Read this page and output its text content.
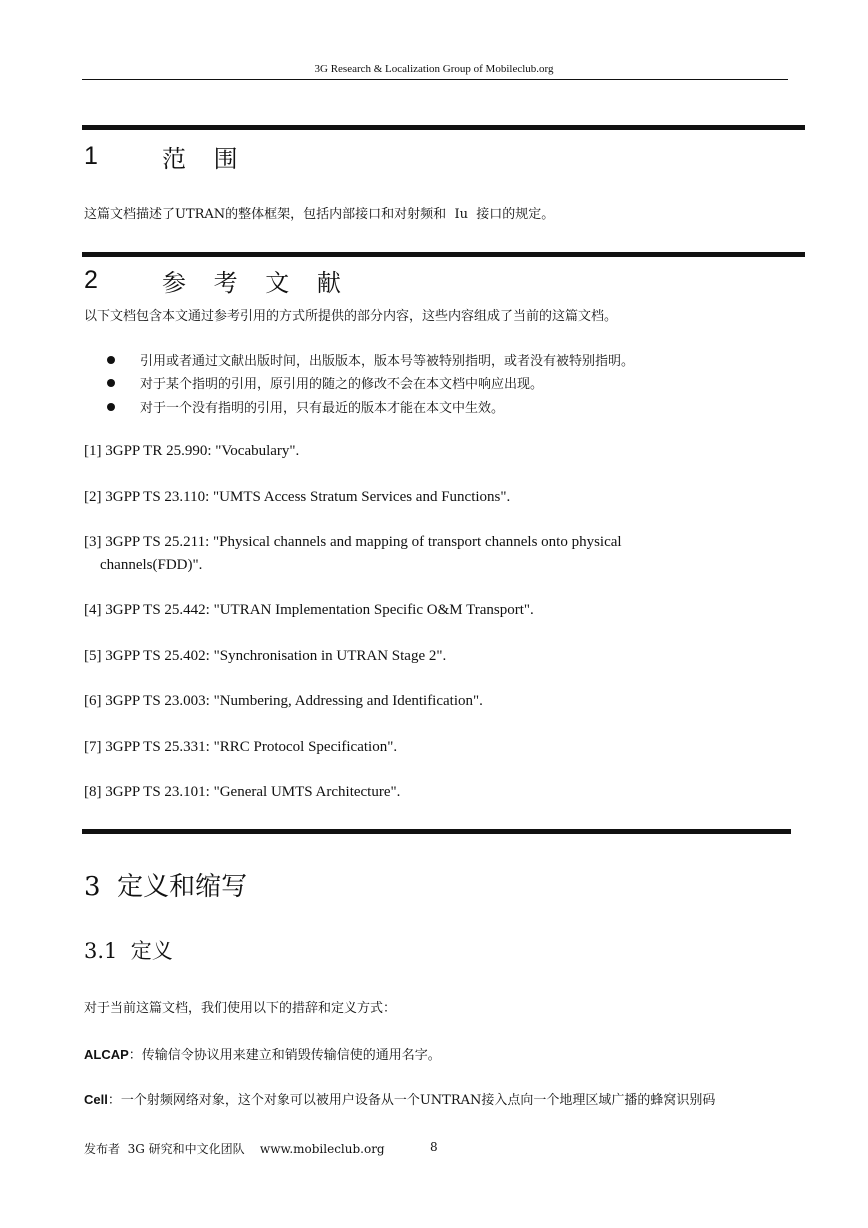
3G Research & Localization Group of Mobileclub.org
1	范 围
这篇文档描述了UTRAN的整体框架，包括内部接口和对射频和  Iu  接口的规定。
2	参 考 文 献
以下文档包含本文通过参考引用的方式所提供的部分内容，这些内容组成了当前的这篇文档。
引用或者通过文献出版时间，出版版本，版本号等被特别指明，或者没有被特别指明。
对于某个指明的引用，原引用的随之的修改不会在本文档中响应出现。
对于一个没有指明的引用，只有最近的版本才能在本文中生效。
[1] 3GPP TR 25.990: "Vocabulary".
[2] 3GPP TS 23.110: "UMTS Access Stratum Services and Functions".
[3] 3GPP TS 25.211: "Physical channels and mapping of transport channels onto physical
channels(FDD)".
[4] 3GPP TS 25.442: "UTRAN Implementation Specific O&M Transport".
[5] 3GPP TS 25.402: "Synchronisation in UTRAN Stage 2".
[6] 3GPP TS 23.003: "Numbering, Addressing and Identification".
[7] 3GPP TS 25.331: "RRC Protocol Specification".
[8] 3GPP TS 23.101: "General UMTS Architecture".
3  定义和缩写
3.1  定义
对于当前这篇文档，我们使用以下的措辞和定义方式：
ALCAP：传输信令协议用来建立和销毁传输信使的通用名字。
Cell：一个射频网络对象，这个对象可以被用户设备从一个UNTRAN接入点向一个地理区域广播的蜂窝识别码
发布者  3G 研究和中文化团队    www.mobileclub.org	8
